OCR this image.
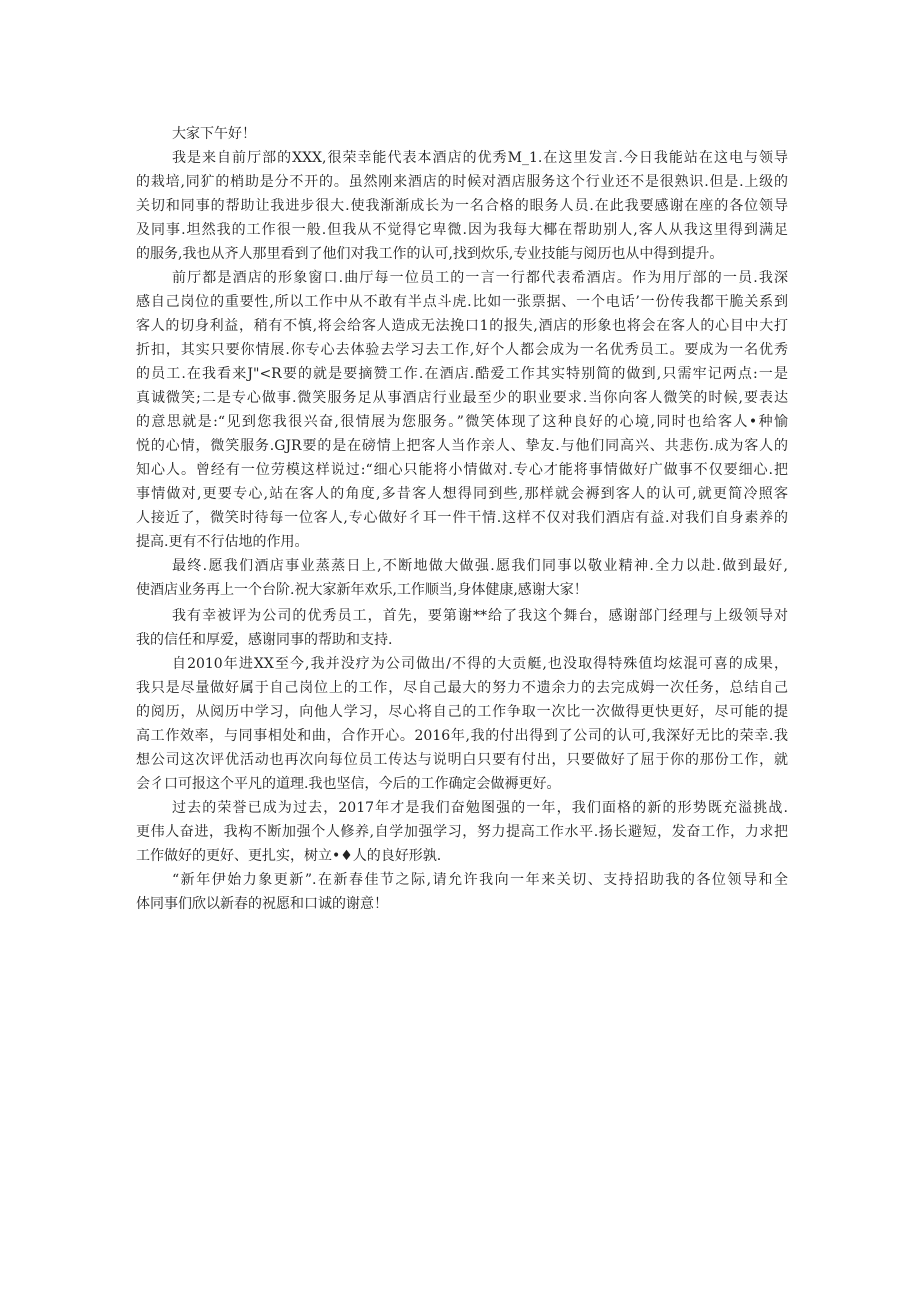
大家下午好！
我是来自前厅部的XXX,很荣幸能代表本酒店的优秀M_1.在这里发言.今日我能站在这电与领导
的栽培,同犷的梢助是分不开的。虽然刚来酒店的时候对酒店服务这个行业还不是很熟识.但是.上级的
关切和同事的帮助让我进步很大.使我渐渐成长为一名合格的眼务人员.在此我要感谢在座的各位领导
及同事.坦然我的工作很一般.但我从不觉得它卑微.因为我每大椰在帮助别人,客人从我这里得到满足
的服务,我也从齐人那里看到了他们对我工作的认可,找到炊乐,专业技能与阅历也从中得到提升。
前厅都是酒店的形象窗口.曲厅每一位员工的一言一行都代表希酒店。作为用厅部的一员.我深
感自己岗位的重要性,所以工作中从不敢有半点斗虎.比如一张票据、一个电话’一份传我都干脆关系到
客人的切身利益，稍有不慎,将会给客人造成无法挽口1的报失,酒店的形象也将会在客人的心目中大打
折扣，其实只要你情展.你专心去体验去学习去工作,好个人都会成为一名优秀员工。要成为一名优秀
的员工.在我看来J"<R要的就是要摘赞工作.在酒店.酷爱工作其实特别简的做到,只需牢记两点:一是
真诚微笑;二是专心做事.微笑服务足从事酒店行业最至少的职业要求.当你向客人微笑的时候,要表达
的意思就是:“见到您我很兴奋,很情展为您服务。”微笑体现了这种良好的心境,同时也给客人•种愉
悦的心情，微笑服务.GJR要的是在磅情上把客人当作亲人、挚友.与他们同高兴、共悲伤.成为客人的
知心人。曾经有一位劳模这样说过:“细心只能将小情做对.专心才能将事情做好广做事不仅要细心.把
事情做对,更要专心,站在客人的角度,多昔客人想得同到些,那样就会褥到客人的认可,就更简冷照客
人接近了，微笑时待每一位客人,专心做好彳耳一件干情.这样不仅对我们酒店有益.对我们自身素养的
提高.更有不行估地的作用。
最终.愿我们酒店事业蒸蒸日上,不断地做大做强.愿我们同事以敬业精神.全力以赴.做到最好,
使酒店业务再上一个台阶.祝大家新年欢乐,工作顺当,身体健康,感谢大家！
我有幸被评为公司的优秀员工，首先，要第谢**给了我这个舞台，感谢部门经理与上级领导对
我的信任和厚爱，感谢同事的帮助和支持.
自2010年进XX至今,我并没疗为公司做出/不得的大贡艇,也没取得特殊值均炫混可喜的成果，
我只是尽量做好属于自己岗位上的工作，尽自己最大的努力不遗余力的去完成姆一次任务，总结自己
的阅历，从阅历中学习，向他人学习，尽心将自己的工作争取一次比一次做得更快更好，尽可能的提
高工作效率，与同事相处和曲，合作开心。2016年,我的付出得到了公司的认可,我深好无比的荣幸.我
想公司这次评优活动也再次向每位员工传达与说明白只要有付出，只要做好了屈于你的那份工作，就
会彳口可报这个平凡的道理.我也坚信，今后的工作确定会做褥更好。
过去的荣誉已成为过去，2017年才是我们奋勉图强的一年，我们面格的新的形势既充溢挑战.
更伟人奋进，我构不断加强个人修养,自学加强学习，努力提高工作水平.扬长避短，发奋工作，力求把
工作做好的更好、更扎实，树立•♦人的良好形孰.
“新年伊始力象更新”.在新春佳节之际,请允许我向一年来关切、支持招助我的各位领导和全
体同事们欣以新春的祝愿和口诚的谢意！
